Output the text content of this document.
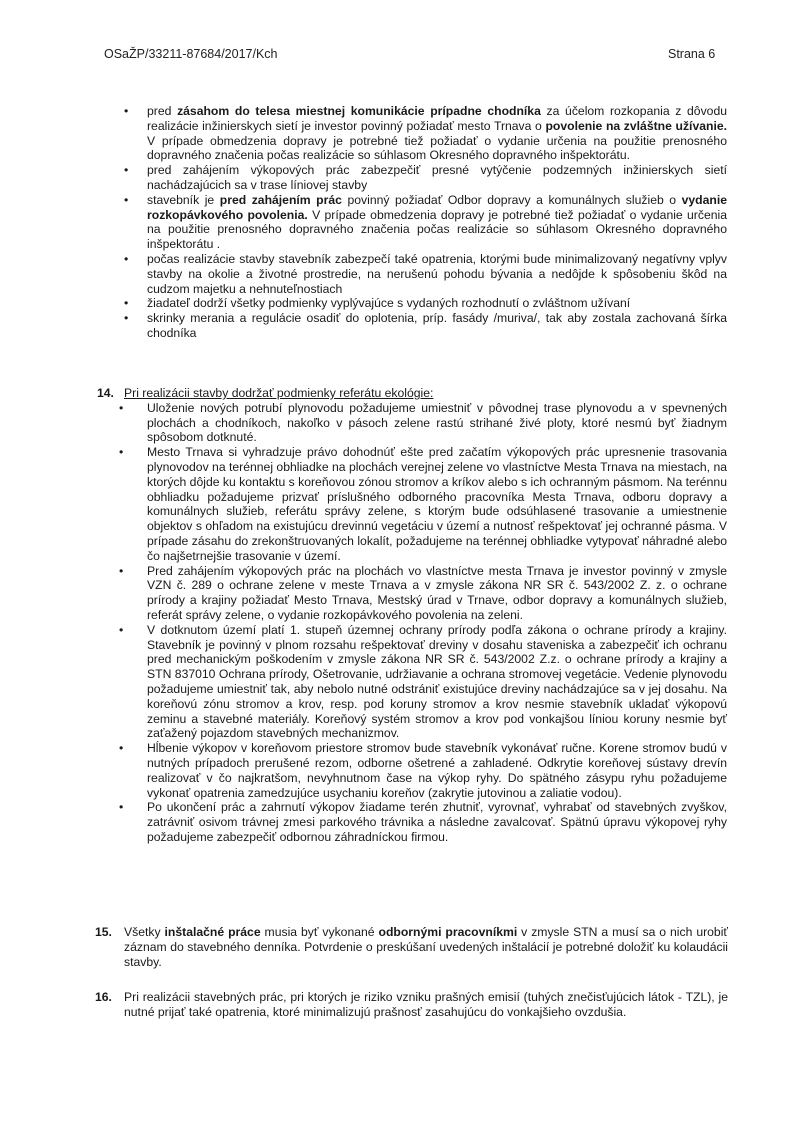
OSaŽP/33211-87684/2017/Kch	Strana 6
• pred zásahom do telesa miestnej komunikácie prípadne chodníka za účelom rozkopania z dôvodu realizácie inžinierskych sietí je investor povinný požiadať mesto Trnava o povolenie na zvláštne užívanie. V prípade obmedzenia dopravy je potrebné tiež požiadať o vydanie určenia na použitie prenosného dopravného značenia počas realizácie so súhlasom Okresného dopravného inšpektorátu.
• pred zahájením výkopových prác zabezpečiť presné vytýčenie podzemných inžinierskych sietí nachádzajúcich sa v trase líniovej stavby
• stavebník je pred zahájením prác povinný požiadať Odbor dopravy a komunálnych služieb o vydanie rozkopávkového povolenia. V prípade obmedzenia dopravy je potrebné tiež požiadať o vydanie určenia na použitie prenosného dopravného značenia počas realizácie so súhlasom Okresného dopravného inšpektorátu .
• počas realizácie stavby stavebník zabezpečí také opatrenia, ktorými bude minimalizovaný negatívny vplyv stavby na okolie a životné prostredie, na nerušenú pohodu bývania a nedôjde k spôsobeniu škôd na cudzom majetku a nehnuteľnostiach
• žiadateľ dodrží všetky podmienky vyplývajúce s vydaných rozhodnutí o zvláštnom užívaní
• skrinky merania a regulácie osadiť do oplotenia, príp. fasády /muriva/, tak aby zostala zachovaná šírka chodníka
14. Pri realizácii stavby dodržať podmienky referátu ekológie:
• Uloženie nových potrubí plynovodu požadujeme umiestniť v pôvodnej trase plynovodu a v spevnených plochách a chodníkoch, nakoľko v pásoch zelene rastú strihané živé ploty, ktoré nesmú byť žiadnym spôsobom dotknuté.
• Mesto Trnava si vyhradzuje právo dohodnúť ešte pred začatím výkopových prác upresnenie trasovania plynovodov na terénnej obhliadke na plochách verejnej zelene vo vlastníctve Mesta Trnava na miestach, na ktorých dôjde ku kontaktu s koreňovou zónou stromov a kríkov alebo s ich ochranným pásmom. Na terénnu obhliadku požadujeme prizvať príslušného odborného pracovníka Mesta Trnava, odboru dopravy a komunálnych služieb, referátu správy zelene, s ktorým bude odsúhlasené trasovanie a umiestnenie objektov s ohľadom na existujúcu drevinnú vegetáciu v území a nutnosť rešpektovať jej ochranné pásma. V prípade zásahu do zrekonštruovaných lokalít, požadujeme na terénnej obhliadke vytypovať náhradné alebo čo najšetrnejšie trasovanie v území.
• Pred zahájením výkopových prác na plochách vo vlastníctve mesta Trnava je investor povinný v zmysle VZN č. 289 o ochrane zelene v meste Trnava a v zmysle zákona NR SR č. 543/2002 Z. z. o ochrane prírody a krajiny požiadať Mesto Trnava, Mestský úrad v Trnave, odbor dopravy a komunálnych služieb, referát správy zelene, o vydanie rozkopávkového povolenia na zeleni.
• V dotknutom území platí 1. stupeň územnej ochrany prírody podľa zákona o ochrane prírody a krajiny. Stavebník je povinný v plnom rozsahu rešpektovať dreviny v dosahu staveniska a zabezpečiť ich ochranu pred mechanickým poškodením v zmysle zákona NR SR č. 543/2002 Z.z. o ochrane prírody a krajiny a STN 837010 Ochrana prírody, Ošetrovanie, udržiavanie a ochrana stromovej vegetácie. Vedenie plynovodu požadujeme umiestniť tak, aby nebolo nutné odstrániť existujúce dreviny nachádzajúce sa v jej dosahu. Na koreňovú zónu stromov a krov, resp. pod koruny stromov a krov nesmie stavebník ukladať výkopovú zeminu a stavebné materiály. Koreňový systém stromov a krov pod vonkajšou líniou koruny nesmie byť zaťažený pojazdom stavebných mechanizmov.
• Hĺbenie výkopov v koreňovom priestore stromov bude stavebník vykonávať ručne. Korene stromov budú v nutných prípadoch prerušené rezom, odborne ošetrené a zahladené. Odkrytie koreňovej sústavy drevín realizovať v čo najkratšom, nevyhnutnom čase na výkop ryhy. Do spätného zásypu ryhu požadujeme vykonať opatrenia zamedzujúce usychaniu koreňov (zakrytie jutovinou a zaliatie vodou).
• Po ukončení prác a zahrnutí výkopov žiadame terén zhutniť, vyrovnať, vyhrabať od stavebných zvyškov, zatrávniť osivom trávnej zmesi parkového trávnika a následne zavalcovať. Spätnú úpravu výkopovej ryhy požadujeme zabezpečiť odbornou záhradníckou firmou.
15. Všetky inštalačné práce musia byť vykonané odbornými pracovníkmi v zmysle STN a musí sa o nich urobiť záznam do stavebného denníka. Potvrdenie o preskúšaní uvedených inštalácií je potrebné doložiť ku kolaudácii stavby.
16. Pri realizácii stavebných prác, pri ktorých je riziko vzniku prašných emisií (tuhých znečisťujúcich látok - TZL), je nutné prijať také opatrenia, ktoré minimalizujú prašnosť zasahujúcu do vonkajšieho ovzdušia.
